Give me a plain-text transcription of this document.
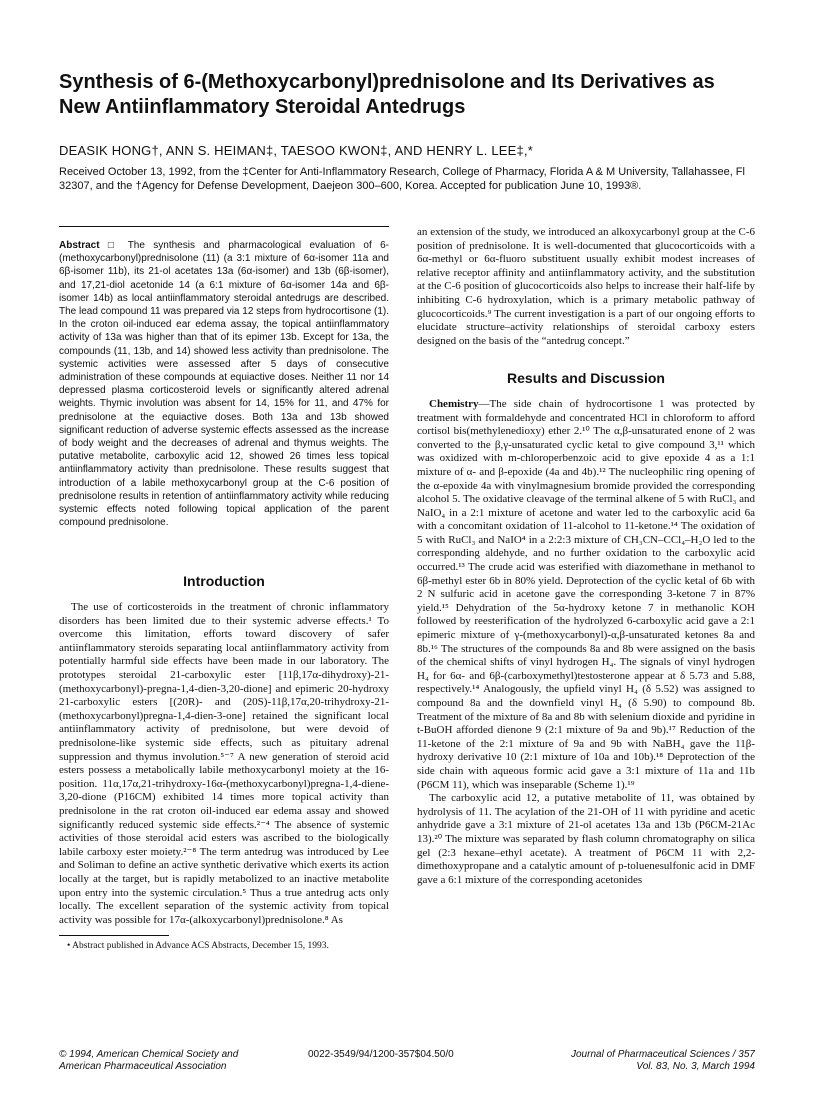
Synthesis of 6-(Methoxycarbonyl)prednisolone and Its Derivatives as New Antiinflammatory Steroidal Antedrugs
DEASIK HONG†, ANN S. HEIMAN‡, TAESOO KWON‡, AND HENRY L. LEE‡,*
Received October 13, 1992, from the ‡Center for Anti-Inflammatory Research, College of Pharmacy, Florida A & M University, Tallahassee, Fl 32307, and the †Agency for Defense Development, Daejeon 300–600, Korea. Accepted for publication June 10, 1993®.
Abstract □ The synthesis and pharmacological evaluation of 6-(methoxycarbonyl)prednisolone (11) (a 3:1 mixture of 6α-isomer 11a and 6β-isomer 11b), its 21-ol acetates 13a (6α-isomer) and 13b (6β-isomer), and 17,21-diol acetonide 14 (a 6:1 mixture of 6α-isomer 14a and 6β-isomer 14b) as local antiinflammatory steroidal antedrugs are described. The lead compound 11 was prepared via 12 steps from hydrocortisone (1). In the croton oil-induced ear edema assay, the topical antiinflammatory activity of 13a was higher than that of its epimer 13b. Except for 13a, the compounds (11, 13b, and 14) showed less activity than prednisolone. The systemic activities were assessed after 5 days of consecutive administration of these compounds at equiactive doses. Neither 11 nor 14 depressed plasma corticosteroid levels or significantly altered adrenal weights. Thymic involution was absent for 14, 15% for 11, and 47% for prednisolone at the equiactive doses. Both 13a and 13b showed significant reduction of adverse systemic effects assessed as the increase of body weight and the decreases of adrenal and thymus weights. The putative metabolite, carboxylic acid 12, showed 26 times less topical antiinflammatory activity than prednisolone. These results suggest that introduction of a labile methoxycarbonyl group at the C-6 position of prednisolone results in retention of antiinflammatory activity while reducing systemic effects noted following topical application of the parent compound prednisolone.
Introduction

The use of corticosteroids in the treatment of chronic inflammatory disorders has been limited due to their systemic adverse effects.¹ To overcome this limitation, efforts toward discovery of safer antiinflammatory steroids separating local antiinflammatory activity from potentially harmful side effects have been made in our laboratory. The prototypes steroidal 21-carboxylic ester [11β,17α-dihydroxy)-21-(methoxycarbonyl)-pregna-1,4-dien-3,20-dione] and epimeric 20-hydroxy 21-carboxylic esters [(20R)- and (20S)-11β,17α,20-trihydroxy-21-(methoxycarbonyl)pregna-1,4-dien-3-one] retained the significant local antiinflammatory activity of prednisolone, but were devoid of prednisolone-like systemic side effects, such as pituitary adrenal suppression and thymus involution.⁵⁻⁷ A new generation of steroid acid esters possess a metabolically labile methoxycarbonyl moiety at the 16-position. 11α,17α,21-trihydroxy-16α-(methoxycarbonyl)pregna-1,4-diene-3,20-dione (P16CM) exhibited 14 times more topical activity than prednisolone in the rat croton oil-induced ear edema assay and showed significantly reduced systemic side effects.²⁻⁴ The absence of systemic activities of those steroidal acid esters was ascribed to the biologically labile carboxy ester moiety.²⁻⁸ The term antedrug was introduced by Lee and Soliman to define an active synthetic derivative which exerts its action locally at the target, but is rapidly metabolized to an inactive metabolite upon entry into the systemic circulation.⁵ Thus a true antedrug acts only locally. The excellent separation of the systemic activity from topical activity was possible for 17α-(alkoxycarbonyl)prednisolone.⁸ As

• Abstract published in Advance ACS Abstracts, December 15, 1993.

an extension of the study, we introduced an alkoxycarbonyl group at the C-6 position of prednisolone. It is well-documented that glucocorticoids with a 6α-methyl or 6α-fluoro substituent usually exhibit modest increases of relative receptor affinity and antiinflammatory activity, and the substitution at the C-6 position of glucocorticoids also helps to increase their half-life by inhibiting C-6 hydroxylation, which is a primary metabolic pathway of glucocorticoids.⁹ The current investigation is a part of our ongoing efforts to elucidate structure–activity relationships of steroidal carboxy esters designed on the basis of the “antedrug concept.”

Results and Discussion

Chemistry—The side chain of hydrocortisone 1 was protected by treatment with formaldehyde and concentrated HCl in chloroform to afford cortisol bis(methylenedioxy) ether 2.¹⁰ The α,β-unsaturated enone of 2 was converted to the β,γ-unsaturated cyclic ketal to give compound 3,¹¹ which was oxidized with m-chloroperbenzoic acid to give epoxide 4 as a 1:1 mixture of α- and β-epoxide (4a and 4b).¹² The nucleophilic ring opening of the α-epoxide 4a with vinylmagnesium bromide provided the corresponding alcohol 5. The oxidative cleavage of the terminal alkene of 5 with RuCl₃ and NaIO₄ in a 2:1 mixture of acetone and water led to the carboxylic acid 6a with a concomitant oxidation of 11-alcohol to 11-ketone.¹⁴ The oxidation of 5 with RuCl₃ and NaIO⁴ in a 2:2:3 mixture of CH₃CN–CCl₄–H₂O led to the corresponding aldehyde, and no further oxidation to the carboxylic acid occurred.¹³ The crude acid was esterified with diazomethane in methanol to 6β-methyl ester 6b in 80% yield. Deprotection of the cyclic ketal of 6b with 2 N sulfuric acid in acetone gave the corresponding 3-ketone 7 in 87% yield.¹⁵ Dehydration of the 5α-hydroxy ketone 7 in methanolic KOH followed by reesterification of the hydrolyzed 6-carboxylic acid gave a 2:1 epimeric mixture of γ-(methoxycarbonyl)-α,β-unsaturated ketones 8a and 8b.¹⁶ The structures of the compounds 8a and 8b were assigned on the basis of the chemical shifts of vinyl hydrogen H₄. The signals of vinyl hydrogen H₄ for 6α- and 6β-(carboxymethyl)testosterone appear at δ 5.73 and 5.88, respectively.¹⁴ Analogously, the upfield vinyl H₄ (δ 5.52) was assigned to compound 8a and the downfield vinyl H₄ (δ 5.90) to compound 8b. Treatment of the mixture of 8a and 8b with selenium dioxide and pyridine in t-BuOH afforded dienone 9 (2:1 mixture of 9a and 9b).¹⁷ Reduction of the 11-ketone of the 2:1 mixture of 9a and 9b with NaBH₄ gave the 11β-hydroxy derivative 10 (2:1 mixture of 10a and 10b).¹⁸ Deprotection of the side chain with aqueous formic acid gave a 3:1 mixture of 11a and 11b (P6CM 11), which was inseparable (Scheme 1).¹⁹

The carboxylic acid 12, a putative metabolite of 11, was obtained by hydrolysis of 11. The acylation of the 21-OH of 11 with pyridine and acetic anhydride gave a 3:1 mixture of 21-ol acetates 13a and 13b (P6CM-21Ac 13).²⁰ The mixture was separated by flash column chromatography on silica gel (2:3 hexane–ethyl acetate). A treatment of P6CM 11 with 2,2-dimethoxypropane and a catalytic amount of p-toluenesulfonic acid in DMF gave a 6:1 mixture of the corresponding acetonides

© 1994, American Chemical Society and
American Pharmaceutical Association
0022-3549/94/1200-357$04.50/0	Journal of Pharmaceutical Sciences / 357
Vol. 83, No. 3, March 1994
